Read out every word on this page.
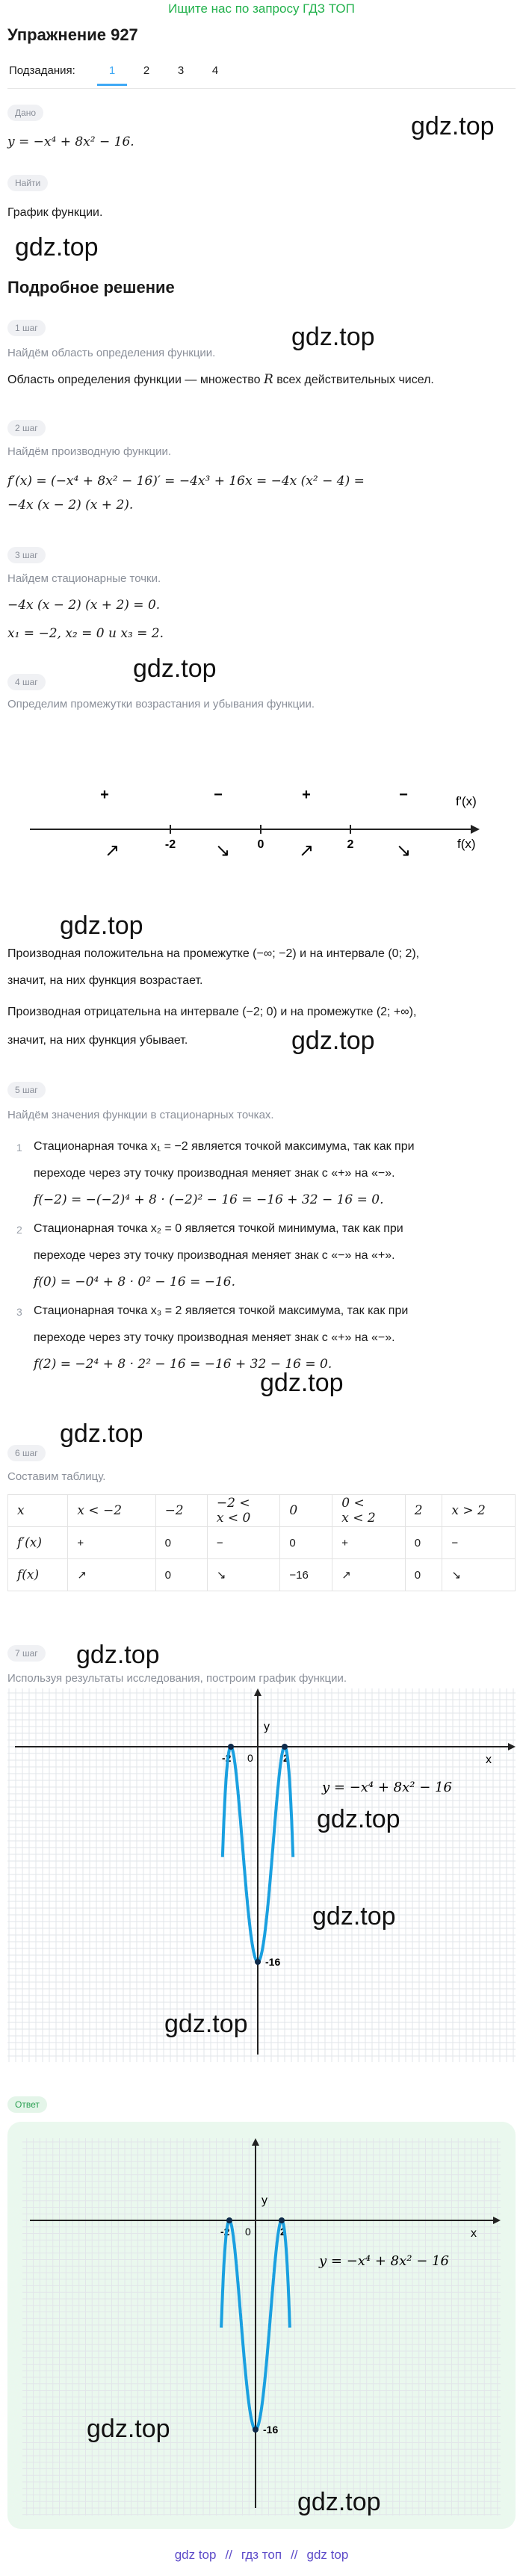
Ищите нас по запросу ГДЗ ТОП
Упражнение 927
Подзадания:	1	2	3	4
Дано
y = −x⁴ + 8x² − 16.
gdz.top
Найти
График функции.
gdz.top
Подробное решение
1 шаг	gdz.top
Найдём область определения функции.
Область определения функции — множество R всех действительных чисел.
2 шаг
Найдём производную функции.
f′(x) = (−x⁴ + 8x² − 16)′ = −4x³ + 16x = −4x (x² − 4) =
−4x (x − 2) (x + 2).
3 шаг
Найдем стационарные точки.
−4x (x − 2) (x + 2) = 0.
x₁ = −2, x₂ = 0 и x₃ = 2.
gdz.top
4 шаг
Определим промежутки возрастания и убывания функции.
+	−	+	−	f'(x)
f(x)
-2	0	2
↗	↘	↗	↘
gdz.top
Производная положительна на промежутке (−∞; −2) и на интервале (0; 2),
значит, на них функция возрастает.
Производная отрицательна на интервале (−2; 0) и на промежутке (2; +∞),
gdz.top
значит, на них функция убывает.
5 шаг
Найдём значения функции в стационарных точках.
1 Стационарная точка x₁ = −2 является точкой максимума, так как при
переходе через эту точку производная меняет знак с «+» на «−».
f(−2) = −(−2)⁴ + 8 · (−2)² − 16 = −16 + 32 − 16 = 0.
2 Стационарная точка x₂ = 0 является точкой минимума, так как при
переходе через эту точку производная меняет знак с «−» на «+».
f(0) = −0⁴ + 8 · 0² − 16 = −16.
3 Стационарная точка x₃ = 2 является точкой максимума, так как при
переходе через эту точку производная меняет знак с «+» на «−».
f(2) = −2⁴ + 8 · 2² − 16 = −16 + 32 − 16 = 0.
gdz.top
gdz.top
6 шаг
Составим таблицу.
x	x < −2	−2	−2 <
x < 0	0	0 <
x < 2	2	x > 2
f′(x)	+	0	−	0	+	0	−
f(x)	↗	0	↘	−16	↗	0	↘
7 шаг gdz.top
Используя результаты исследования, построим график функции.
x
y
0
-2	2
-16
y = −x⁴ + 8x² − 16
gdz.top
gdz.top
gdz.top
Ответ
x
y
0
-2	2
-16
y = −x⁴ + 8x² − 16
gdz.top
gdz.top
gdz top // гдз топ // gdz top
